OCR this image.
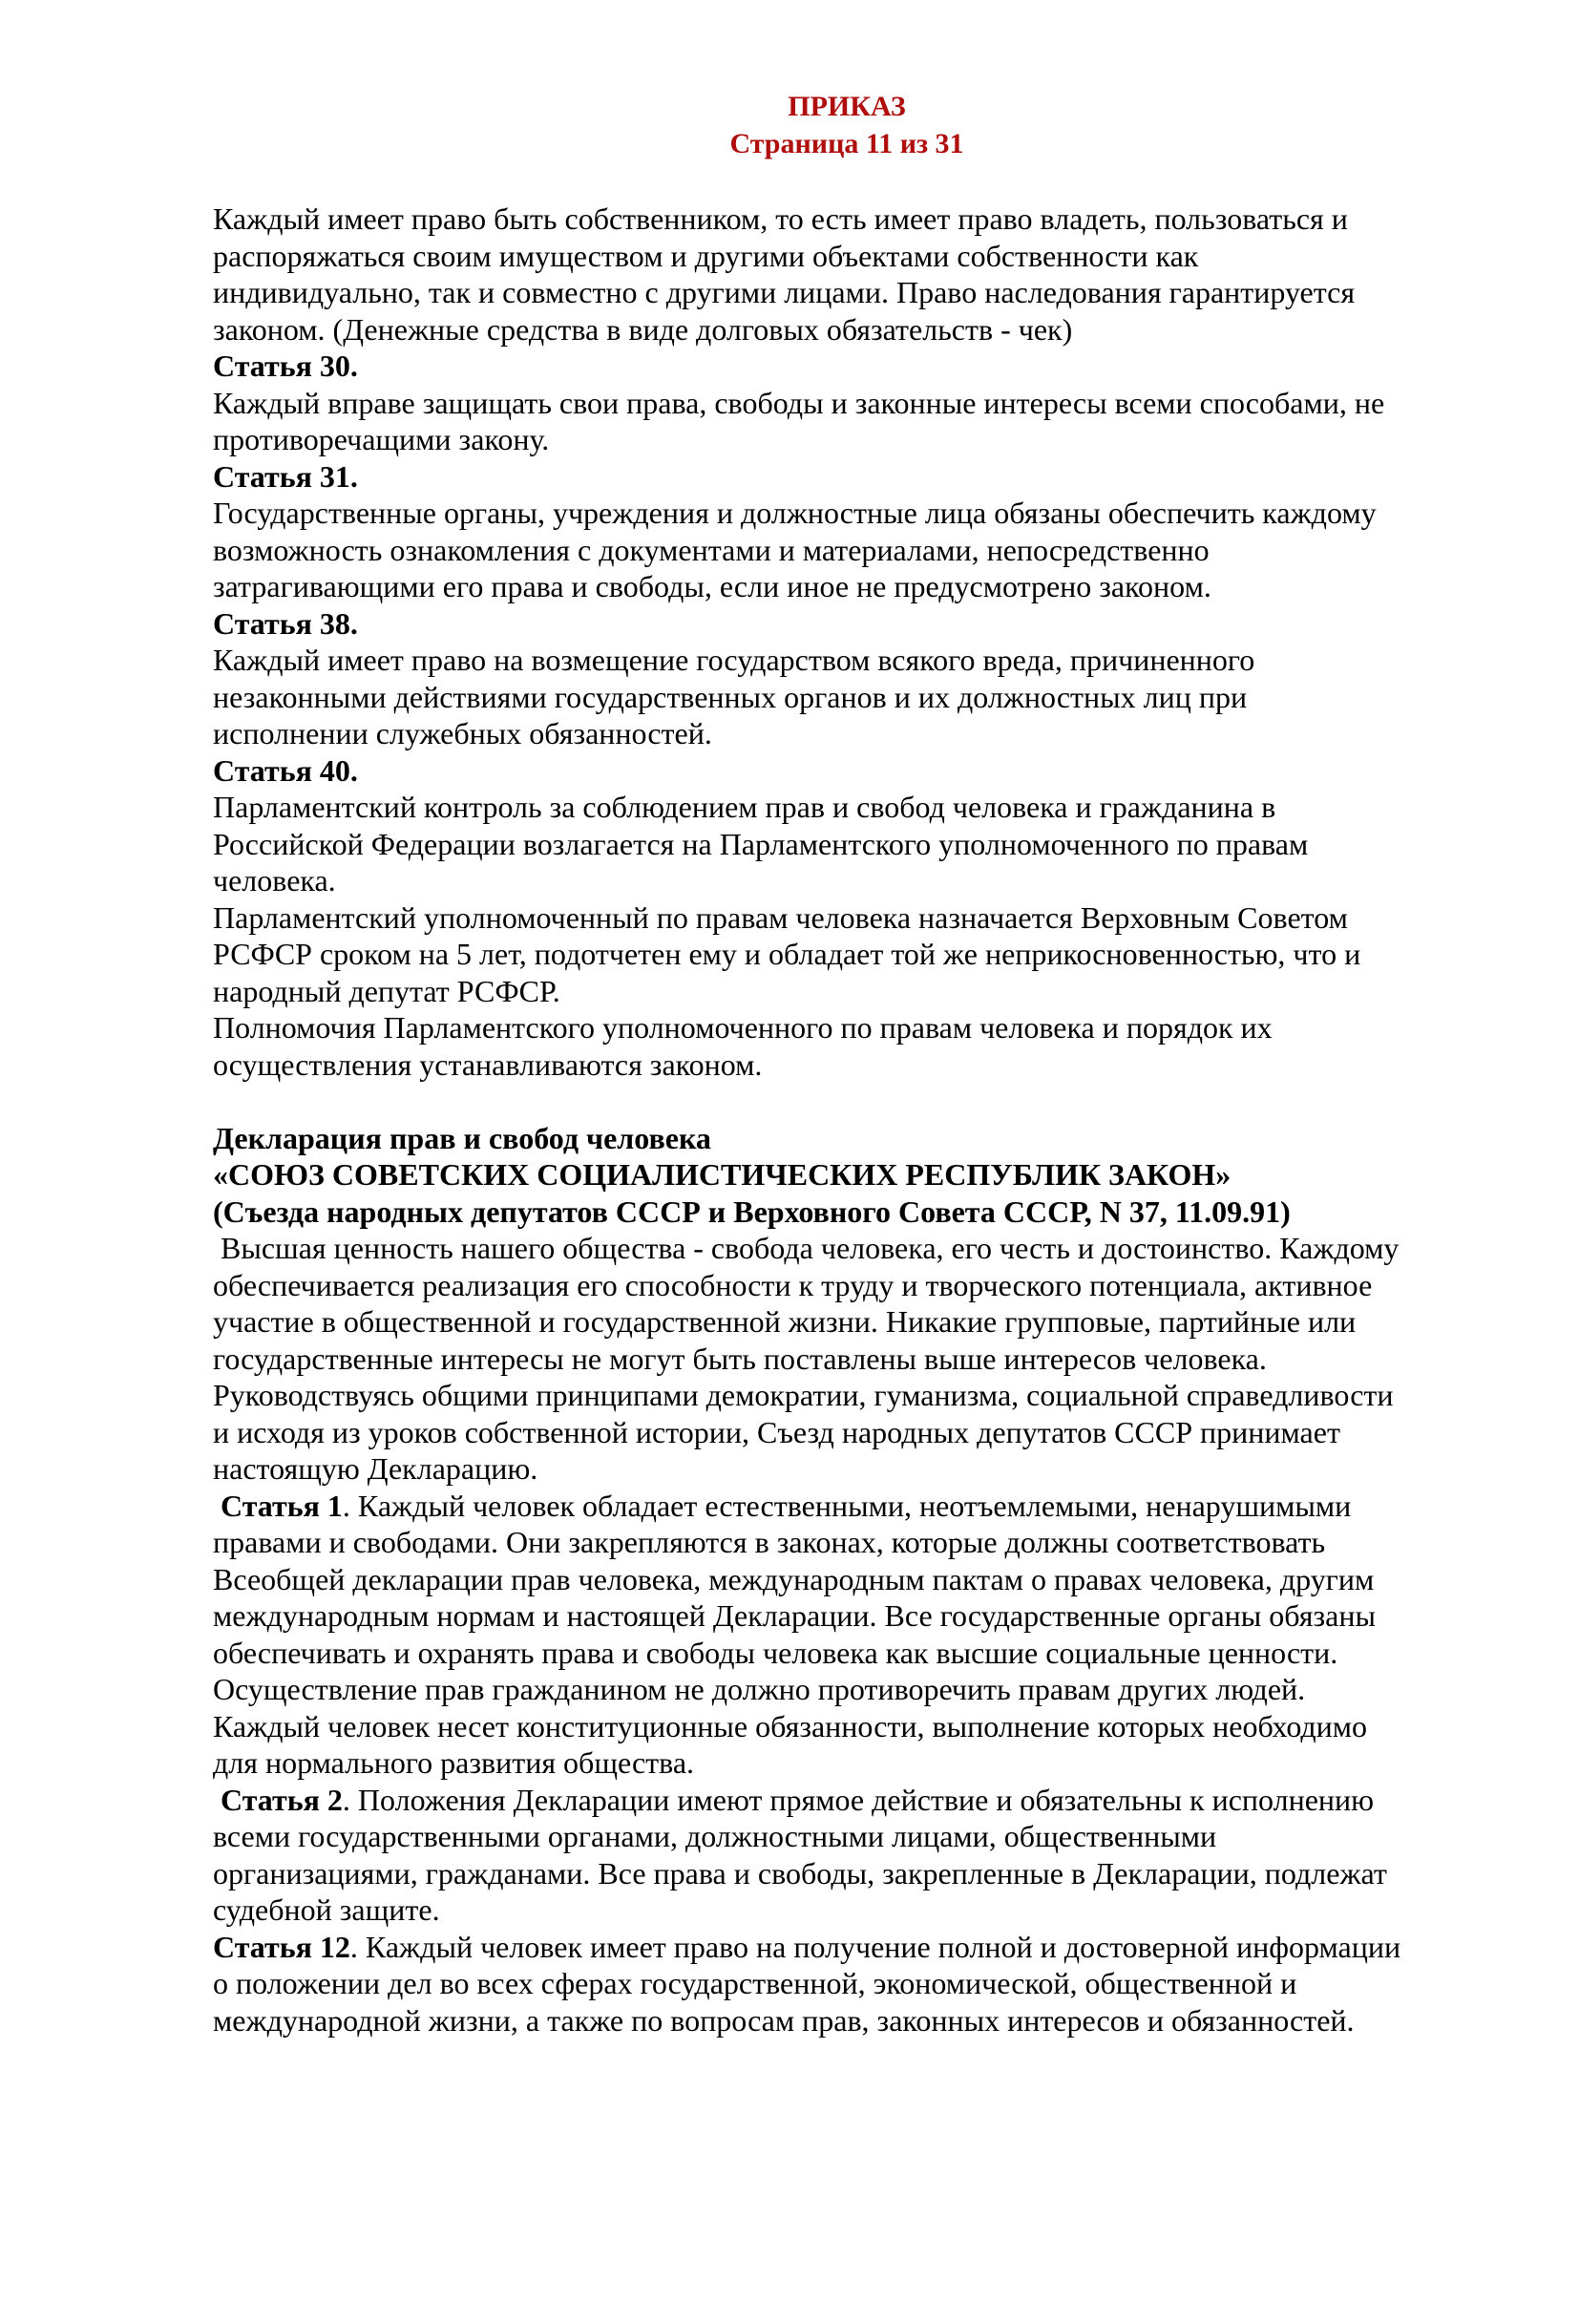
ПРИКАЗ
Страница 11 из 31
Каждый имеет право быть собственником, то есть имеет право владеть, пользоваться и
распоряжаться своим имуществом и другими объектами собственности как
индивидуально, так и совместно с другими лицами. Право наследования гарантируется
законом. (Денежные средства в виде долговых обязательств - чек)
Статья 30.
Каждый вправе защищать свои права, свободы и законные интересы всеми способами, не
противоречащими закону.
Статья 31.
Государственные органы, учреждения и должностные лица обязаны обеспечить каждому
возможность ознакомления с документами и материалами, непосредственно
затрагивающими его права и свободы, если иное не предусмотрено законом.
Статья 38.
Каждый имеет право на возмещение государством всякого вреда, причиненного
незаконными действиями государственных органов и их должностных лиц при
исполнении служебных обязанностей.
Статья 40.
Парламентский контроль за соблюдением прав и свобод человека и гражданина в
Российской Федерации возлагается на Парламентского уполномоченного по правам
человека.
Парламентский уполномоченный по правам человека назначается Верховным Советом
РСФСР сроком на 5 лет, подотчетен ему и обладает той же неприкосновенностью, что и
народный депутат РСФСР.
Полномочия Парламентского уполномоченного по правам человека и порядок их
осуществления устанавливаются законом.
Декларация прав и свобод человека
«СОЮЗ СОВЕТСКИХ СОЦИАЛИСТИЧЕСКИХ РЕСПУБЛИК ЗАКОН»
(Съезда народных депутатов СССР и Верховного Совета СССР, N 37, 11.09.91)
Высшая ценность нашего общества - свобода человека, его честь и достоинство. Каждому
обеспечивается реализация его способности к труду и творческого потенциала, активное
участие в общественной и государственной жизни. Никакие групповые, партийные или
государственные интересы не могут быть поставлены выше интересов человека.
Руководствуясь общими принципами демократии, гуманизма, социальной справедливости
и исходя из уроков собственной истории, Съезд народных депутатов СССР принимает
настоящую Декларацию.
Статья 1. Каждый человек обладает естественными, неотъемлемыми, ненарушимыми
правами и свободами. Они закрепляются в законах, которые должны соответствовать
Всеобщей декларации прав человека, международным пактам о правах человека, другим
международным нормам и настоящей Декларации. Все государственные органы обязаны
обеспечивать и охранять права и свободы человека как высшие социальные ценности.
Осуществление прав гражданином не должно противоречить правам других людей.
Каждый человек несет конституционные обязанности, выполнение которых необходимо
для нормального развития общества.
Статья 2. Положения Декларации имеют прямое действие и обязательны к исполнению
всеми государственными органами, должностными лицами, общественными
организациями, гражданами. Все права и свободы, закрепленные в Декларации, подлежат
судебной защите.
Статья 12. Каждый человек имеет право на получение полной и достоверной информации
о положении дел во всех сферах государственной, экономической, общественной и
международной жизни, а также по вопросам прав, законных интересов и обязанностей.
